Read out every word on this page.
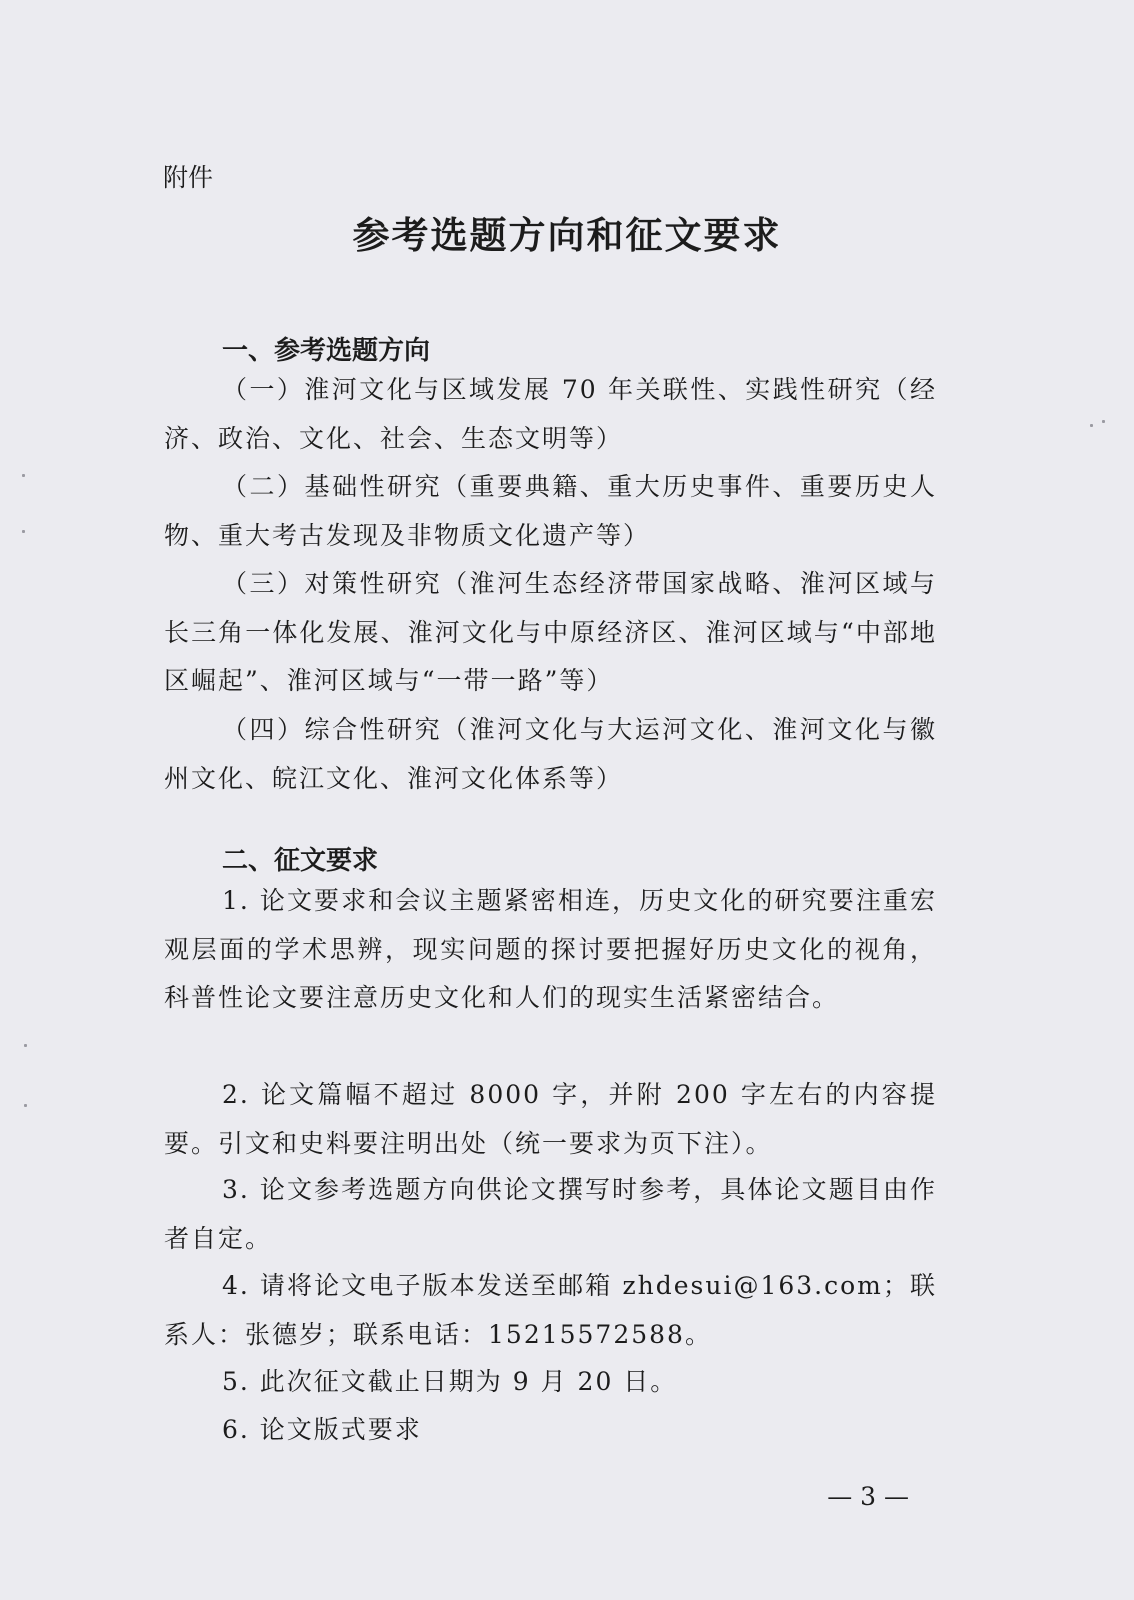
附件
参考选题方向和征文要求
一、参考选题方向
（一）淮河文化与区域发展 70 年关联性、实践性研究（经济、政治、文化、社会、生态文明等）
（二）基础性研究（重要典籍、重大历史事件、重要历史人物、重大考古发现及非物质文化遗产等）
（三）对策性研究（淮河生态经济带国家战略、淮河区域与长三角一体化发展、淮河文化与中原经济区、淮河区域与“中部地区崛起”、淮河区域与“一带一路”等）
（四）综合性研究（淮河文化与大运河文化、淮河文化与徽州文化、皖江文化、淮河文化体系等）
二、征文要求
1. 论文要求和会议主题紧密相连，历史文化的研究要注重宏观层面的学术思辨，现实问题的探讨要把握好历史文化的视角，科普性论文要注意历史文化和人们的现实生活紧密结合。
2. 论文篇幅不超过 8000 字，并附 200 字左右的内容提要。引文和史料要注明出处（统一要求为页下注）。
3. 论文参考选题方向供论文撰写时参考，具体论文题目由作者自定。
4. 请将论文电子版本发送至邮箱 zhdesui@163.com；联系人：张德岁；联系电话：15215572588。
5. 此次征文截止日期为 9 月 20 日。
6. 论文版式要求
— 3 —
